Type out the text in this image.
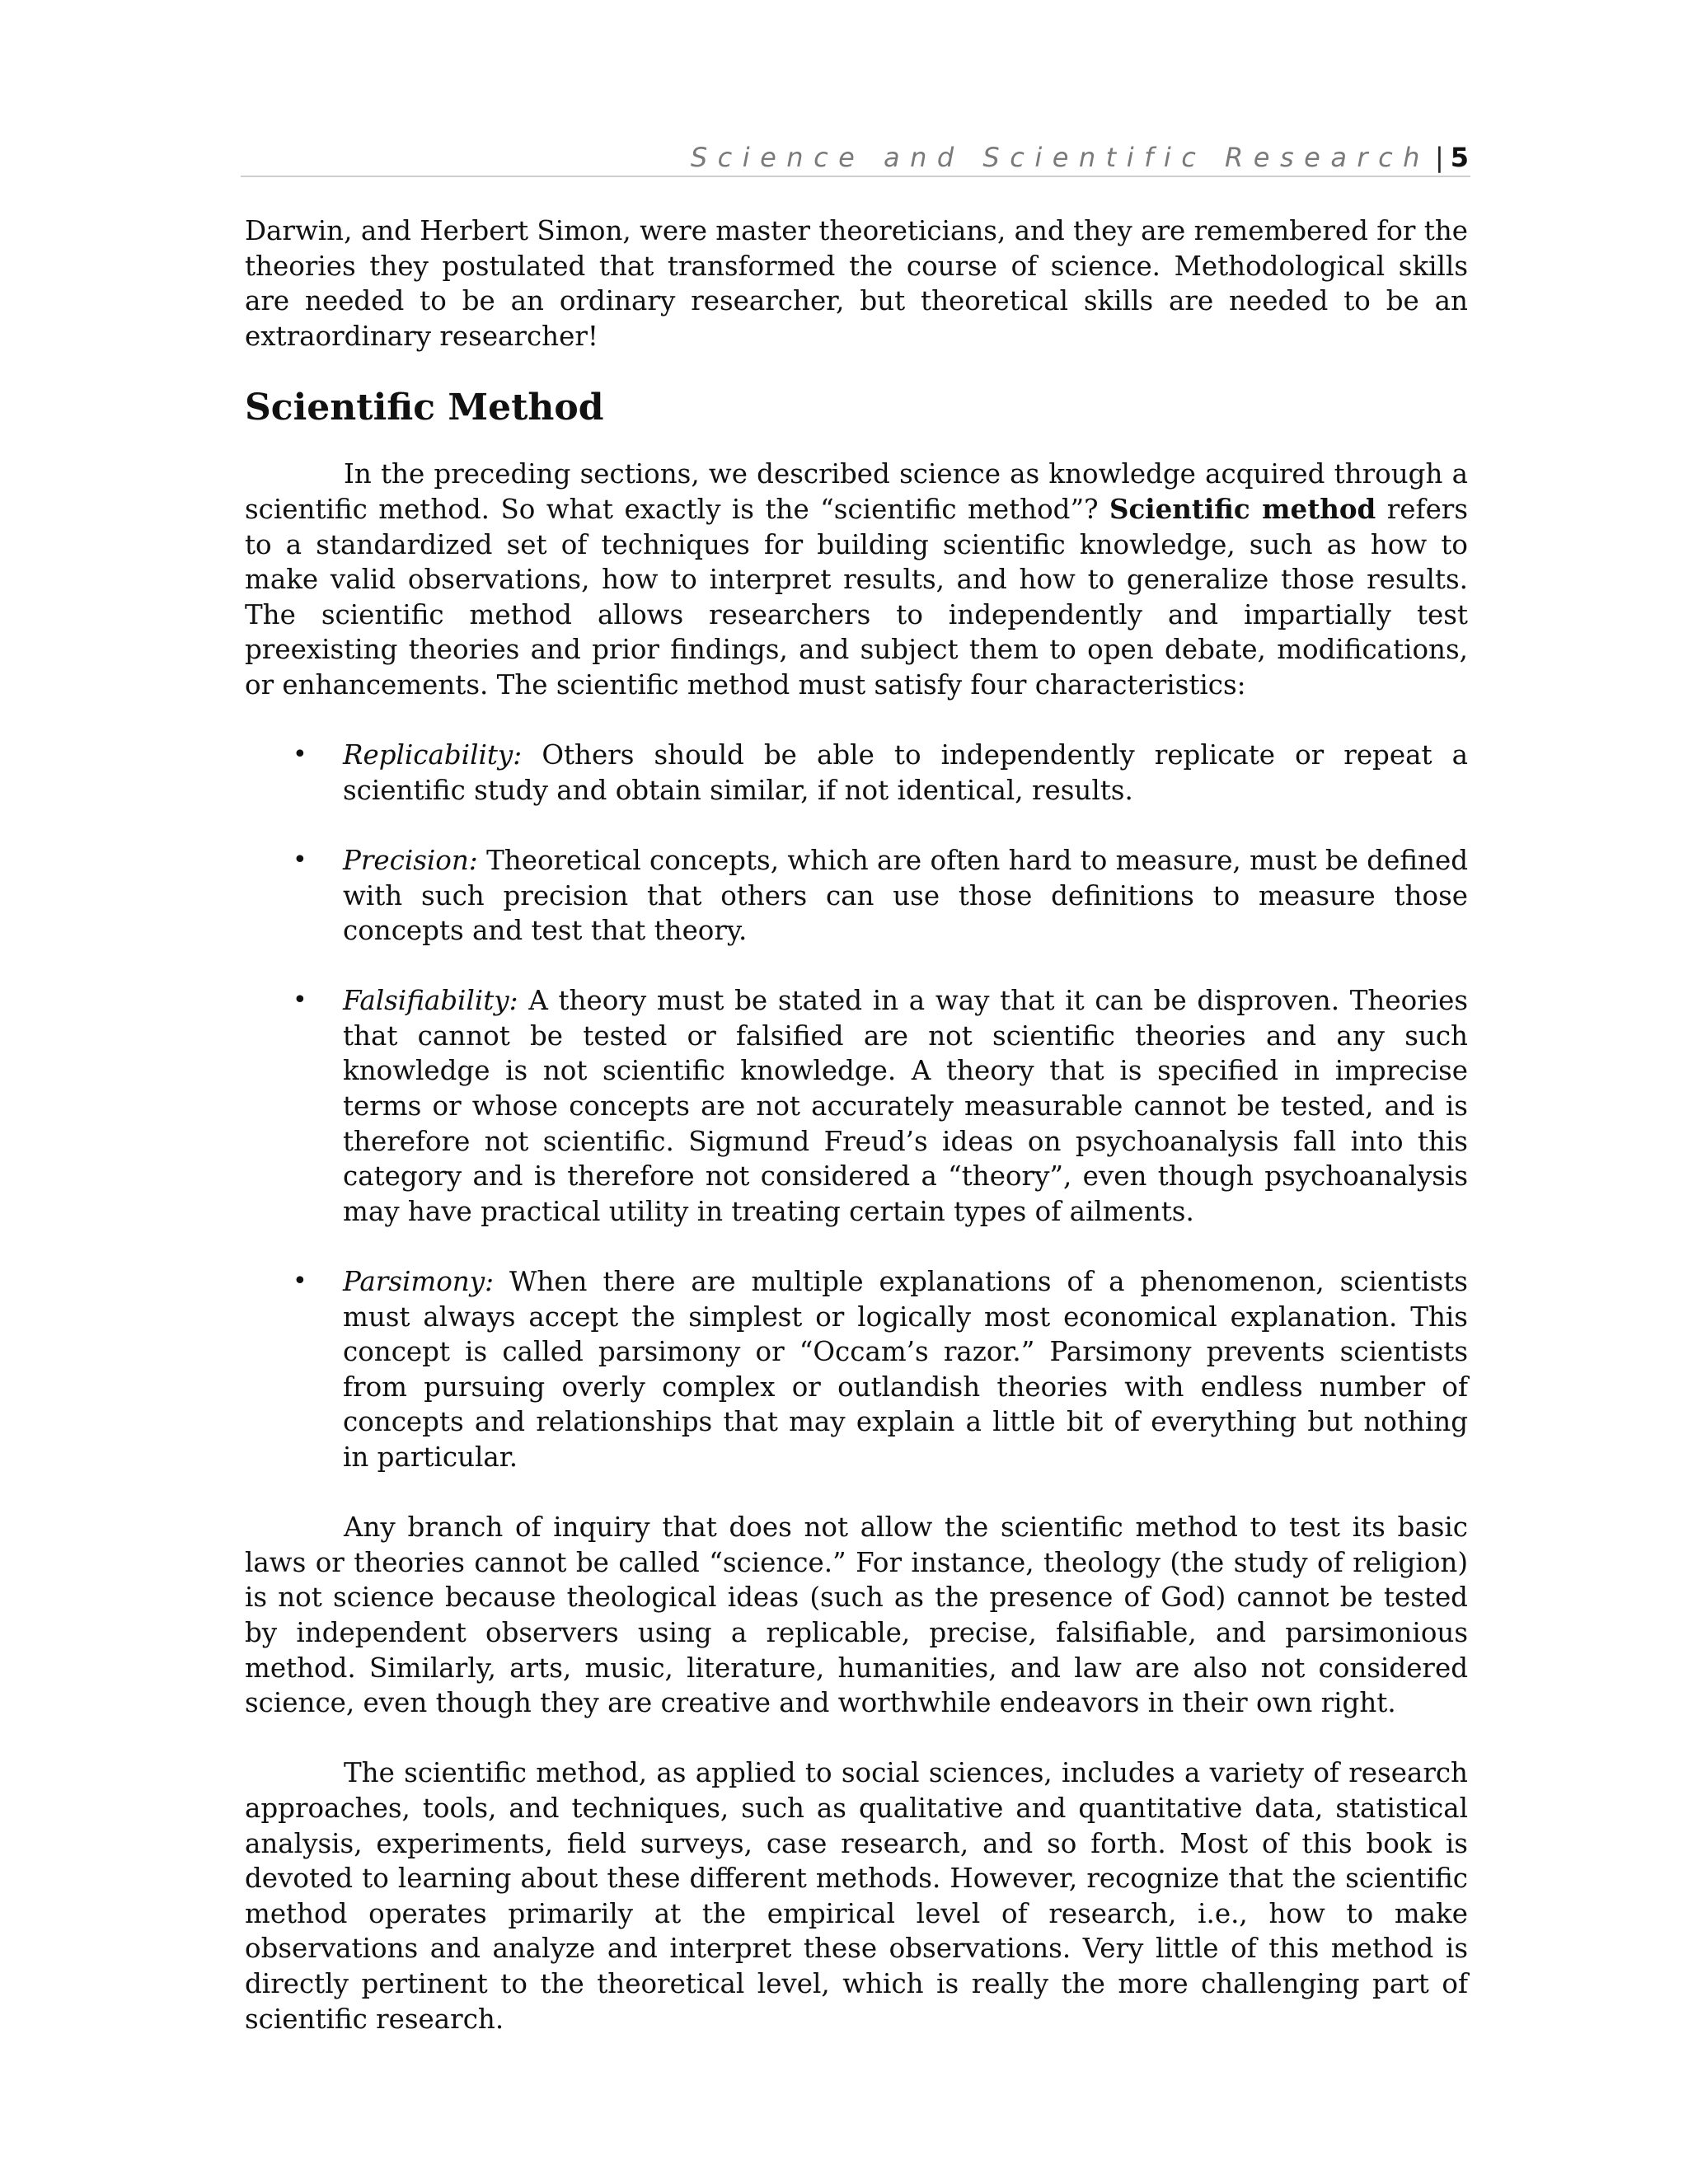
Science and Scientific Research | 5

Darwin, and Herbert Simon, were master theoreticians, and they are remembered for the theories they postulated that transformed the course of science. Methodological skills are needed to be an ordinary researcher, but theoretical skills are needed to be an extraordinary researcher!

Scientific Method

In the preceding sections, we described science as knowledge acquired through a scientific method. So what exactly is the “scientific method”? Scientific method refers to a standardized set of techniques for building scientific knowledge, such as how to make valid observations, how to interpret results, and how to generalize those results. The scientific method allows researchers to independently and impartially test preexisting theories and prior findings, and subject them to open debate, modifications, or enhancements. The scientific method must satisfy four characteristics:

• Replicability: Others should be able to independently replicate or repeat a scientific study and obtain similar, if not identical, results.
• Precision: Theoretical concepts, which are often hard to measure, must be defined with such precision that others can use those definitions to measure those concepts and test that theory.
• Falsifiability: A theory must be stated in a way that it can be disproven. Theories that cannot be tested or falsified are not scientific theories and any such knowledge is not scientific knowledge. A theory that is specified in imprecise terms or whose concepts are not accurately measurable cannot be tested, and is therefore not scientific. Sigmund Freud’s ideas on psychoanalysis fall into this category and is therefore not considered a “theory”, even though psychoanalysis may have practical utility in treating certain types of ailments.
• Parsimony: When there are multiple explanations of a phenomenon, scientists must always accept the simplest or logically most economical explanation. This concept is called parsimony or “Occam’s razor.” Parsimony prevents scientists from pursuing overly complex or outlandish theories with endless number of concepts and relationships that may explain a little bit of everything but nothing in particular.

Any branch of inquiry that does not allow the scientific method to test its basic laws or theories cannot be called “science.” For instance, theology (the study of religion) is not science because theological ideas (such as the presence of God) cannot be tested by independent observers using a replicable, precise, falsifiable, and parsimonious method. Similarly, arts, music, literature, humanities, and law are also not considered science, even though they are creative and worthwhile endeavors in their own right.

The scientific method, as applied to social sciences, includes a variety of research approaches, tools, and techniques, such as qualitative and quantitative data, statistical analysis, experiments, field surveys, case research, and so forth. Most of this book is devoted to learning about these different methods. However, recognize that the scientific method operates primarily at the empirical level of research, i.e., how to make observations and analyze and interpret these observations. Very little of this method is directly pertinent to the theoretical level, which is really the more challenging part of scientific research.
